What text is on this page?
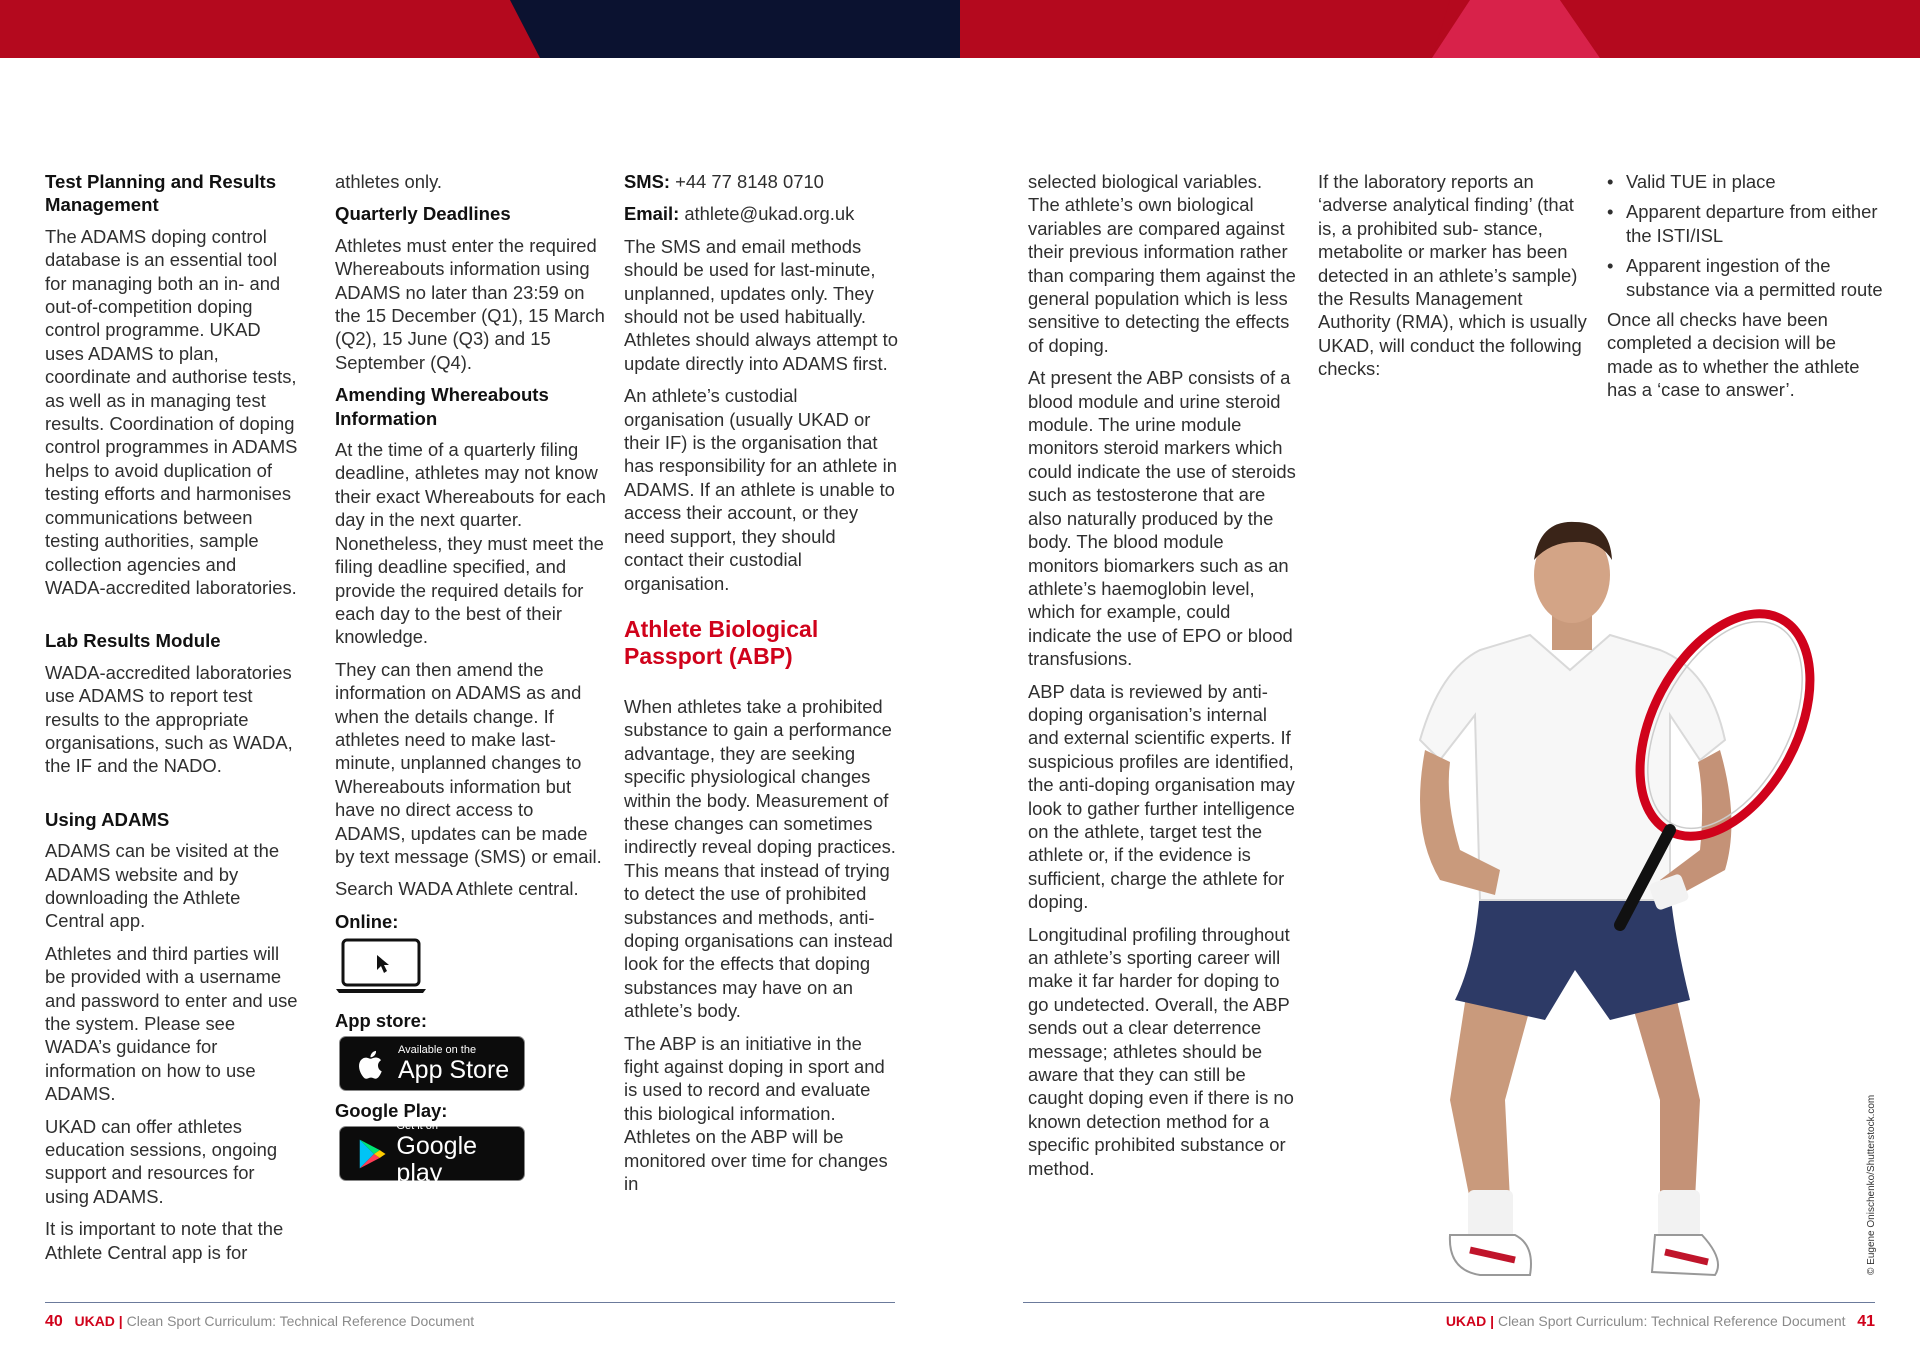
Test Planning and Results Management

The ADAMS doping control database is an essential tool for managing both an in- and out-of-competition doping control programme. UKAD uses ADAMS to plan, coordinate and authorise tests, as well as in managing test results. Coordination of doping control programmes in ADAMS helps to avoid duplication of testing efforts and harmonises communications between testing authorities, sample collection agencies and WADA-accredited laboratories.

Lab Results Module

WADA-accredited laboratories use ADAMS to report test results to the appropriate organisations, such as WADA, the IF and the NADO.

Using ADAMS

ADAMS can be visited at the ADAMS website and by downloading the Athlete Central app.

Athletes and third parties will be provided with a username and password to enter and use the system. Please see WADA’s guidance for information on how to use ADAMS.

UKAD can offer athletes education sessions, ongoing support and resources for using ADAMS.

It is important to note that the Athlete Central app is for

athletes only.

Quarterly Deadlines

Athletes must enter the required Whereabouts information using ADAMS no later than 23:59 on the 15 December (Q1), 15 March (Q2), 15 June (Q3) and 15 September (Q4).

Amending Whereabouts Information

At the time of a quarterly filing deadline, athletes may not know their exact Whereabouts for each day in the next quarter. Nonetheless, they must meet the filing deadline specified, and provide the required details for each day to the best of their knowledge.

They can then amend the information on ADAMS as and when the details change. If athletes need to make last-minute, unplanned changes to Whereabouts information but have no direct access to ADAMS, updates can be made by text message (SMS) or email.

Search WADA Athlete central.

Online:
App store:
Available on the
App Store
Google Play:
Get it on
Google play

SMS: +44 77 8148 0710

Email: athlete@ukad.org.uk

The SMS and email methods should be used for last-minute, unplanned, updates only. They should not be used habitually. Athletes should always attempt to update directly into ADAMS first.

An athlete’s custodial organisation (usually UKAD or their IF) is the organisation that has responsibility for an athlete in ADAMS. If an athlete is unable to access their account, or they need support, they should contact their custodial organisation.

Athlete Biological Passport (ABP)

When athletes take a prohibited substance to gain a performance advantage, they are seeking specific physiological changes within the body. Measurement of these changes can sometimes indirectly reveal doping practices. This means that instead of trying to detect the use of prohibited substances and methods, anti-doping organisations can instead look for the effects that doping substances may have on an athlete’s body.

The ABP is an initiative in the fight against doping in sport and is used to record and evaluate this biological information. Athletes on the ABP will be monitored over time for changes in

selected biological variables. The athlete’s own biological variables are compared against their previous information rather than comparing them against the general population which is less sensitive to detecting the effects of doping.

At present the ABP consists of a blood module and urine steroid module. The urine module monitors steroid markers which could indicate the use of steroids such as testosterone that are also naturally produced by the body. The blood module monitors biomarkers such as an athlete’s haemoglobin level, which for example, could indicate the use of EPO or blood transfusions.

ABP data is reviewed by anti-doping organisation’s internal and external scientific experts. If suspicious profiles are identified, the anti-doping organisation may look to gather further intelligence on the athlete, target test the athlete or, if the evidence is sufficient, charge the athlete for doping.

Longitudinal profiling throughout an athlete’s sporting career will make it far harder for doping to go undetected. Overall, the ABP sends out a clear deterrence message; athletes should be aware that they can still be caught doping even if there is no known detection method for a specific prohibited substance or method.

If the laboratory reports an ‘adverse analytical finding’ (that is, a prohibited sub- stance, metabolite or marker has been detected in an athlete’s sample) the Results Management Authority (RMA), which is usually UKAD, will conduct the following checks:

• Valid TUE in place
• Apparent departure from either the ISTI/ISL
• Apparent ingestion of the substance via a permitted route

Once all checks have been completed a decision will be made as to whether the athlete has a ‘case to answer’.

© Eugene Onischenko/Shutterstock.com
40 UKAD | Clean Sport Curriculum: Technical Reference Document	UKAD | Clean Sport Curriculum: Technical Reference Document 41
